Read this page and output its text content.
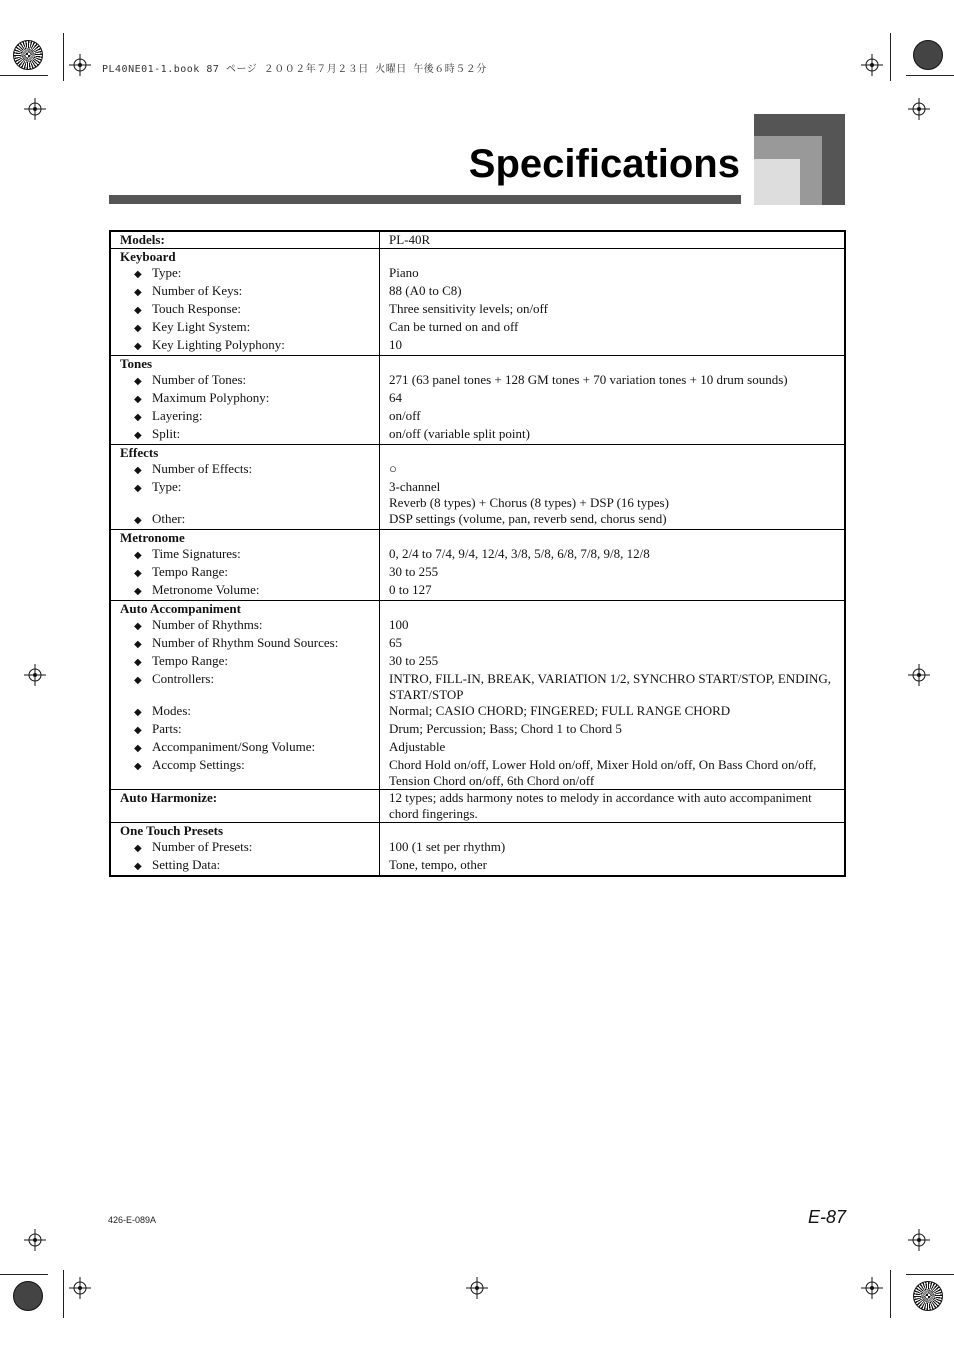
PL40NE01-1.book 87 ページ ２００２年７月２３日 火曜日 午後６時５２分
Specifications
Models:	PL-40R
Keyboard	
◆ Type:	Piano
◆ Number of Keys:	88 (A0 to C8)
◆ Touch Response:	Three sensitivity levels; on/off
◆ Key Light System:	Can be turned on and off
◆ Key Lighting Polyphony:	10
Tones	
◆ Number of Tones:	271 (63 panel tones + 128 GM tones + 70 variation tones + 10 drum sounds)
◆ Maximum Polyphony:	64
◆ Layering:	on/off
◆ Split:	on/off (variable split point)
Effects	
◆ Number of Effects:	○
◆ Type:	3-channel
Reverb (8 types) + Chorus (8 types) + DSP (16 types)
◆ Other:	DSP settings (volume, pan, reverb send, chorus send)
Metronome	
◆ Time Signatures:	0, 2/4 to 7/4, 9/4, 12/4, 3/8, 5/8, 6/8, 7/8, 9/8, 12/8
◆ Tempo Range:	30 to 255
◆ Metronome Volume:	0 to 127
Auto Accompaniment	
◆ Number of Rhythms:	100
◆ Number of Rhythm Sound Sources:	65
◆ Tempo Range:	30 to 255
◆ Controllers:	INTRO, FILL-IN, BREAK, VARIATION 1/2, SYNCHRO START/STOP, ENDING, START/STOP
◆ Modes:	Normal; CASIO CHORD; FINGERED; FULL RANGE CHORD
◆ Parts:	Drum; Percussion; Bass; Chord 1 to Chord 5
◆ Accompaniment/Song Volume:	Adjustable
◆ Accomp Settings:	Chord Hold on/off, Lower Hold on/off, Mixer Hold on/off, On Bass Chord on/off, Tension Chord on/off, 6th Chord on/off
Auto Harmonize:	12 types; adds harmony notes to melody in accordance with auto accompaniment chord fingerings.
One Touch Presets	
◆ Number of Presets:	100 (1 set per rhythm)
◆ Setting Data:	Tone, tempo, other
426-E-089A	E-87
